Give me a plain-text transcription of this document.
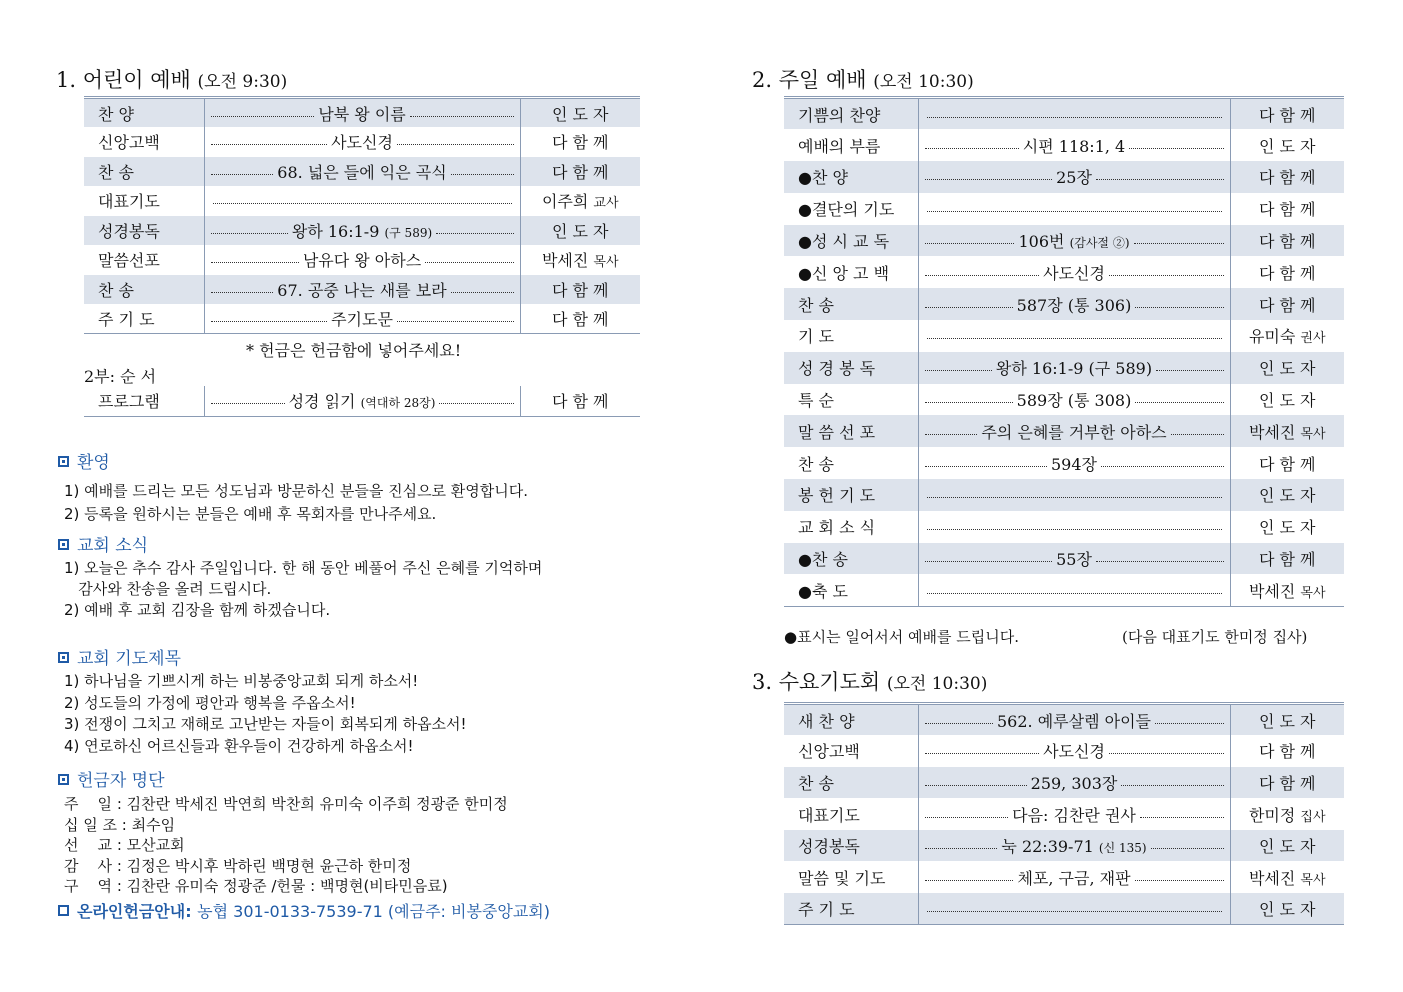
1. 어린이 예배 (오전 9:30)
찬 양	남북 왕 이름	인 도 자
신앙고백	사도신경	다 함 께
찬 송	68. 넓은 들에 익은 곡식	다 함 께
대표기도		이주희 교사
성경봉독	왕하 16:1-9 (구 589)	인 도 자
말씀선포	남유다 왕 아하스	박세진 목사
찬 송	67. 공중 나는 새를 보라	다 함 께
주 기 도	주기도문	다 함 께
* 헌금은 헌금함에 넣어주세요!
2부: 순 서
프로그램	성경 읽기 (역대하 28장)	다 함 께
환영
교회 소식
교회 기도제목
헌금자 명단
온라인헌금안내: 농협 301-0133-7539-71 (예금주: 비봉중앙교회)
1) 예배를 드리는 모든 성도님과 방문하신 분들을 진심으로 환영합니다.
2) 등록을 원하시는 분들은 예배 후 목회자를 만나주세요.
1) 오늘은 추수 감사 주일입니다. 한 해 동안 베풀어 주신 은혜를 기억하며
감사와 찬송을 올려 드립시다.
2) 예배 후 교회 김장을 함께 하겠습니다.
1) 하나님을 기쁘시게 하는 비봉중앙교회 되게 하소서!
2) 성도들의 가정에 평안과 행복을 주옵소서!
3) 전쟁이 그치고 재해로 고난받는 자들이 회복되게 하옵소서!
4) 연로하신 어르신들과 환우들이 건강하게 하옵소서!
주    일 : 김찬란 박세진 박연희 박찬희 유미숙 이주희 정광준 한미정
십 일 조 : 최수임
선    교 : 모산교회
감    사 : 김정은 박시후 박하린 백명현 윤근하 한미정
구    역 : 김찬란 유미숙 정광준 /헌물 : 백명현(비타민음료)
2. 주일 예배 (오전 10:30)
기쁨의 찬양		다 함 께
예배의 부름	시편 118:1, 4	인 도 자
●찬 양	25장	다 함 께
●결단의 기도		다 함 께
●성 시 교 독	106번 (감사절 ②)	다 함 께
●신 앙 고 백	사도신경	다 함 께
찬 송	587장 (통 306)	다 함 께
기 도		유미숙 권사
성 경 봉 독	왕하 16:1-9 (구 589)	인 도 자
특 순	589장 (통 308)	인 도 자
말 씀 선 포	주의 은혜를 거부한 아하스	박세진 목사
찬 송	594장	다 함 께
봉 헌 기 도		인 도 자
교 회 소 식		인 도 자
●찬 송	55장	다 함 께
●축 도		박세진 목사
●표시는 일어서서 예배를 드립니다.	(다음 대표기도 한미정 집사)
3. 수요기도회 (오전 10:30)
새 찬 양	562. 예루살렘 아이들	인 도 자
신앙고백	사도신경	다 함 께
찬 송	259, 303장	다 함 께
대표기도	다음: 김찬란 권사	한미정 집사
성경봉독	눅 22:39-71 (신 135)	인 도 자
말씀 및 기도	체포, 구금, 재판	박세진 목사
주 기 도		인 도 자
